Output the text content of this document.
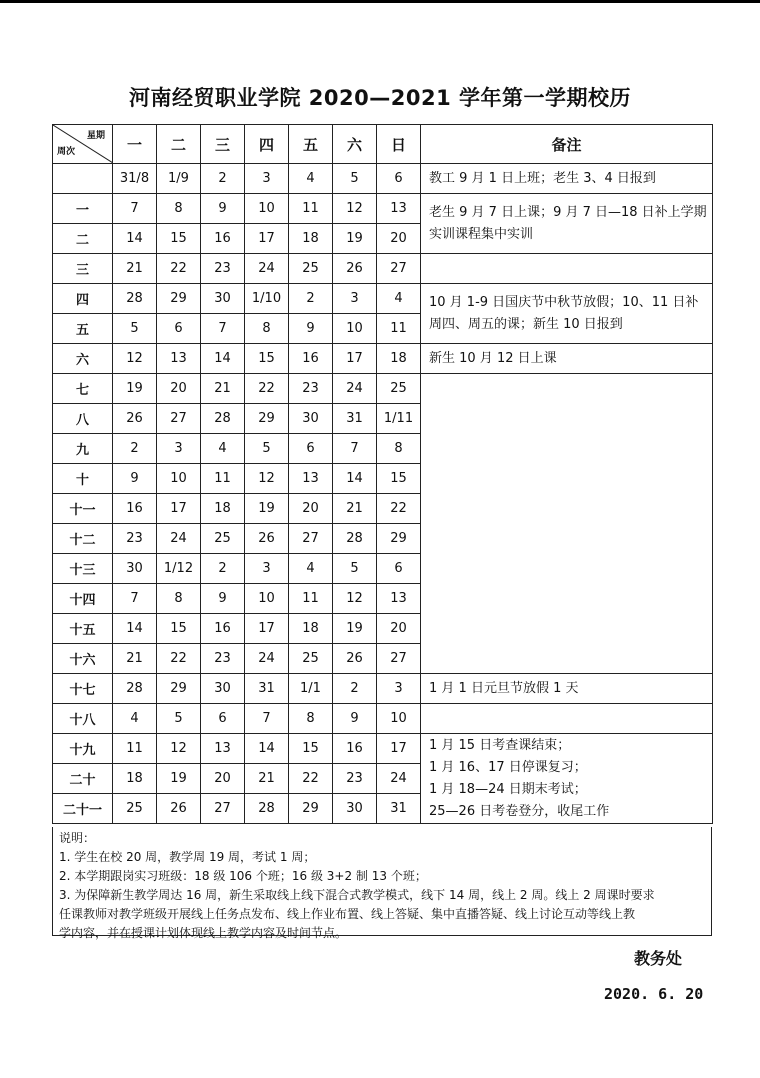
河南经贸职业学院 2020—2021 学年第一学期校历
星期
周次	一	二	三	四	五	六	日	备注
	31/8	1/9	2	3	4	5	6	教工 9 月 1 日上班；老生 3、4 日报到

一	7	8	9	10	11	12	13	老生 9 月 7 日上课；9 月 7 日—18 日补上学期
实训课程集中实训

二	14	15	16	17	18	19	20	
三	21	22	23	24	25	26	27	
四	28	29	30	1/10	2	3	4	10 月 1-9 日国庆节中秋节放假；10、11 日补
周四、周五的课；新生 10 日报到

五	5	6	7	8	9	10	11	
六	12	13	14	15	16	17	18	新生 10 月 12 日上课

七	19	20	21	22	23	24	25	
八	26	27	28	29	30	31	1/11	
九	2	3	4	5	6	7	8	
十	9	10	11	12	13	14	15	
十一	16	17	18	19	20	21	22	
十二	23	24	25	26	27	28	29	
十三	30	1/12	2	3	4	5	6	
十四	7	8	9	10	11	12	13	
十五	14	15	16	17	18	19	20	
十六	21	22	23	24	25	26	27	
十七	28	29	30	31	1/1	2	3	1 月 1 日元旦节放假 1 天

十八	4	5	6	7	8	9	10	
十九	11	12	13	14	15	16	17	1 月 15 日考查课结束；
1 月 16、17 日停课复习；
1 月 18—24 日期末考试；
25—26 日考卷登分，收尾工作

二十	18	19	20	21	22	23	24	
二十一	25	26	27	28	29	30	31	
说明：
1. 学生在校 20 周，教学周 19 周，考试 1 周；
2. 本学期跟岗实习班级：18 级 106 个班；16 级 3+2 制 13 个班；
3. 为保障新生教学周达 16 周，新生采取线上线下混合式教学模式，线下 14 周，线上 2 周。线上 2 周课时要求
任课教师对教学班级开展线上任务点发布、线上作业布置、线上答疑、集中直播答疑、线上讨论互动等线上教
学内容，并在授课计划体现线上教学内容及时间节点。
教务处
2020. 6. 20
